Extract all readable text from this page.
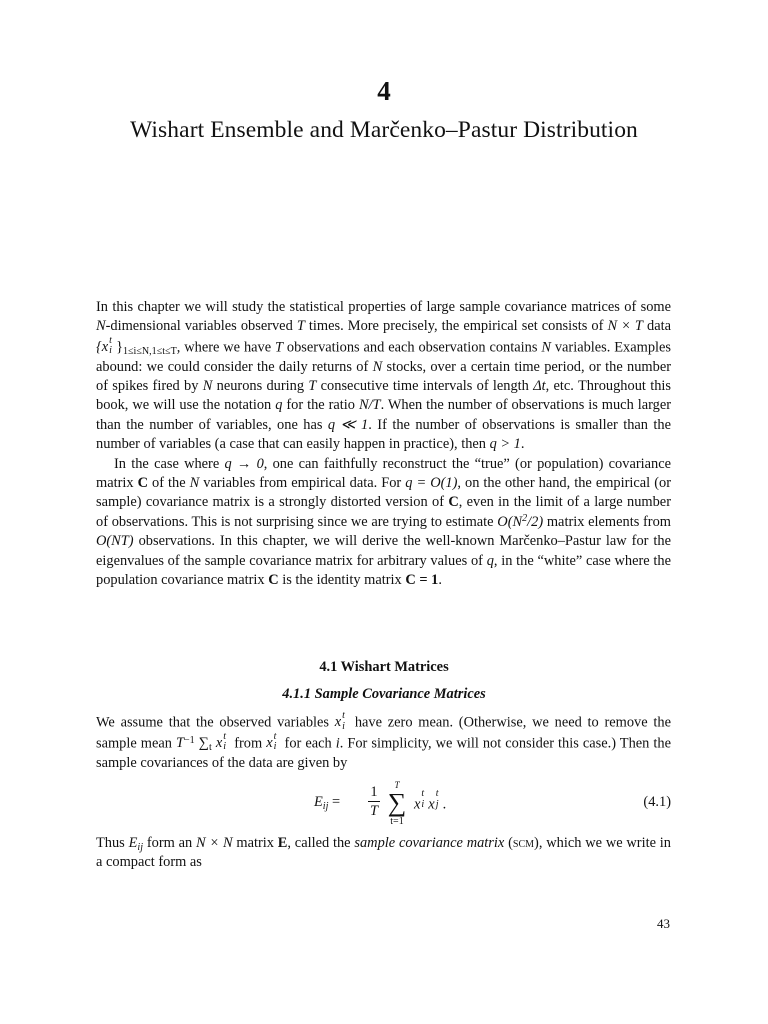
4
Wishart Ensemble and Marčenko–Pastur Distribution

In this chapter we will study the statistical properties of large sample covariance matrices of some N-dimensional variables observed T times. More precisely, the empirical set consists of N × T data {x t
i }$_{1\le i\le N,1\le t\le T}$, where we have T observations and each observation contains N variables. Examples abound: we could consider the daily returns of N stocks, over a certain time period, or the number of spikes fired by N neurons during T consecutive time intervals of length Δt, etc. Throughout this book, we will use the notation q for the ratio N/T. When the number of observations is much larger than the number of variables, one has q ≪ 1. If the number of observations is smaller than the number of variables (a case that can easily happen in practice), then q > 1.

In the case where q → 0, one can faithfully reconstruct the “true” (or population) covariance matrix C of the N variables from empirical data. For q = O(1), on the other hand, the empirical (or sample) covariance matrix is a strongly distorted version of C, even in the limit of a large number of observations. This is not surprising since we are trying to estimate $O(N^2/2)$ matrix elements from O(NT) observations. In this chapter, we will derive the well-known Marčenko–Pastur law for the eigenvalues of the sample covariance matrix for arbitrary values of q, in the “white” case where the population covariance matrix C is the identity matrix C = 1.

4.1 Wishart Matrices
4.1.1 Sample Covariance Matrices

We assume that the observed variables x t
i have zero mean. (Otherwise, we need to remove the sample mean $T^{-1}$ $\sum_t$ x t
i from x t
i for each i. For simplicity, we will not consider this case.) Then the sample covariances of the data are given by

$E_{ij}$ =
1
T
T
∑
t=1
x
t
i x
t
j .	(4.1)

Thus $E_{ij}$ form an N × N matrix E, called the sample covariance matrix (scm), which we we write in a compact form as

43
